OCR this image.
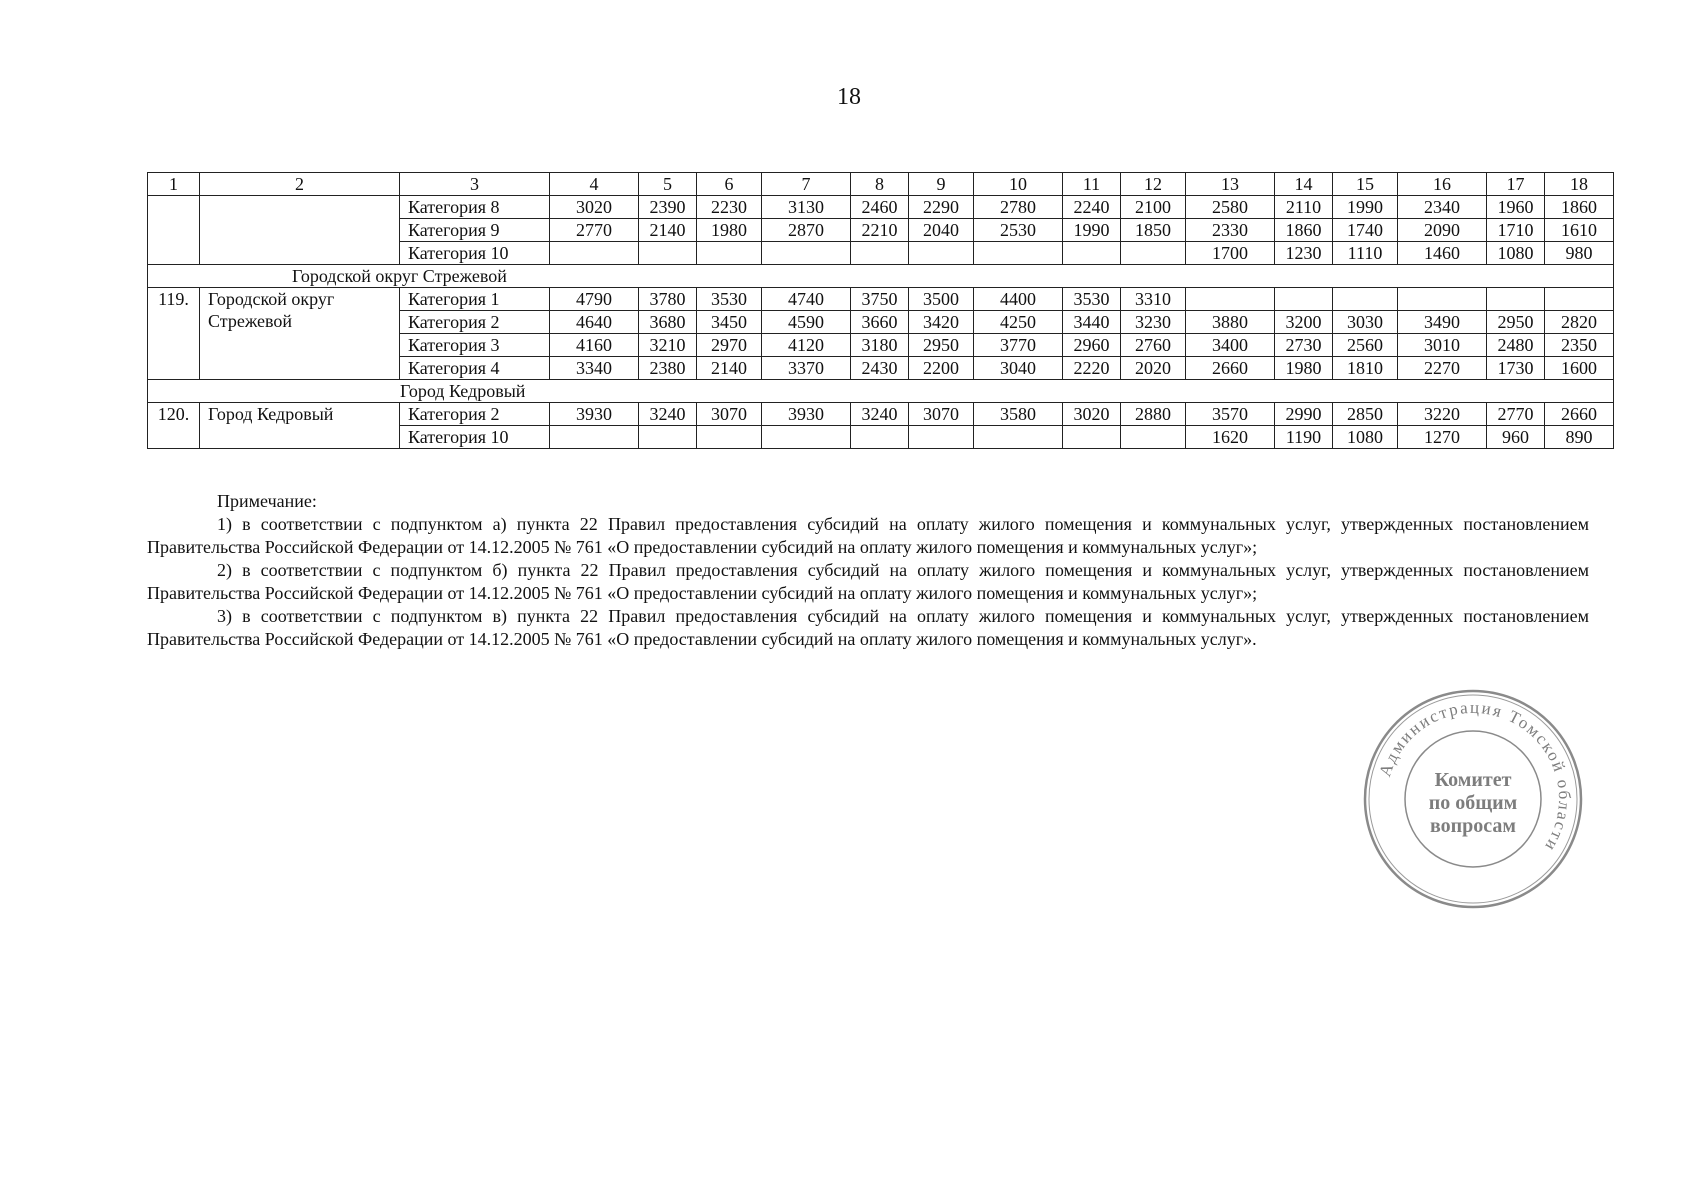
18
1	2	3	4	5	6	7	8	9	10	11	12	13	14	15	16	17	18
		Категория 8	3020	2390	2230	3130	2460	2290	2780	2240	2100	2580	2110	1990	2340	1960	1860
		Категория 9	2770	2140	1980	2870	2210	2040	2530	1990	1850	2330	1860	1740	2090	1710	1610
		Категория 10										1700	1230	1110	1460	1080	980
Городской округ Стрежевой																	
119.	Городской округ Стрежевой	Категория 1	4790	3780	3530	4740	3750	3500	4400	3530	3310						
		Категория 2	4640	3680	3450	4590	3660	3420	4250	3440	3230	3880	3200	3030	3490	2950	2820
		Категория 3	4160	3210	2970	4120	3180	2950	3770	2960	2760	3400	2730	2560	3010	2480	2350
		Категория 4	3340	2380	2140	3370	2430	2200	3040	2220	2020	2660	1980	1810	2270	1730	1600
Город Кедровый																	
120.	Город Кедровый	Категория 2	3930	3240	3070	3930	3240	3070	3580	3020	2880	3570	2990	2850	3220	2770	2660
		Категория 10										1620	1190	1080	1270	960	890

Примечание:

1) в соответствии с подпунктом а) пункта 22 Правил предоставления субсидий на оплату жилого помещения и коммунальных услуг, утвержденных постановлением Правительства Российской Федерации от 14.12.2005 № 761 «О предоставлении субсидий на оплату жилого помещения и коммунальных услуг»;

2) в соответствии с подпунктом б) пункта 22 Правил предоставления субсидий на оплату жилого помещения и коммунальных услуг, утвержденных постановлением Правительства Российской Федерации от 14.12.2005 № 761 «О предоставлении субсидий на оплату жилого помещения и коммунальных услуг»;

3) в соответствии с подпунктом в) пункта 22 Правил предоставления субсидий на оплату жилого помещения и коммунальных услуг, утвержденных постановлением Правительства Российской Федерации от 14.12.2005 № 761 «О предоставлении субсидий на оплату жилого помещения и коммунальных услуг».

Администрация Томской области
Комитет
по общим
вопросам
